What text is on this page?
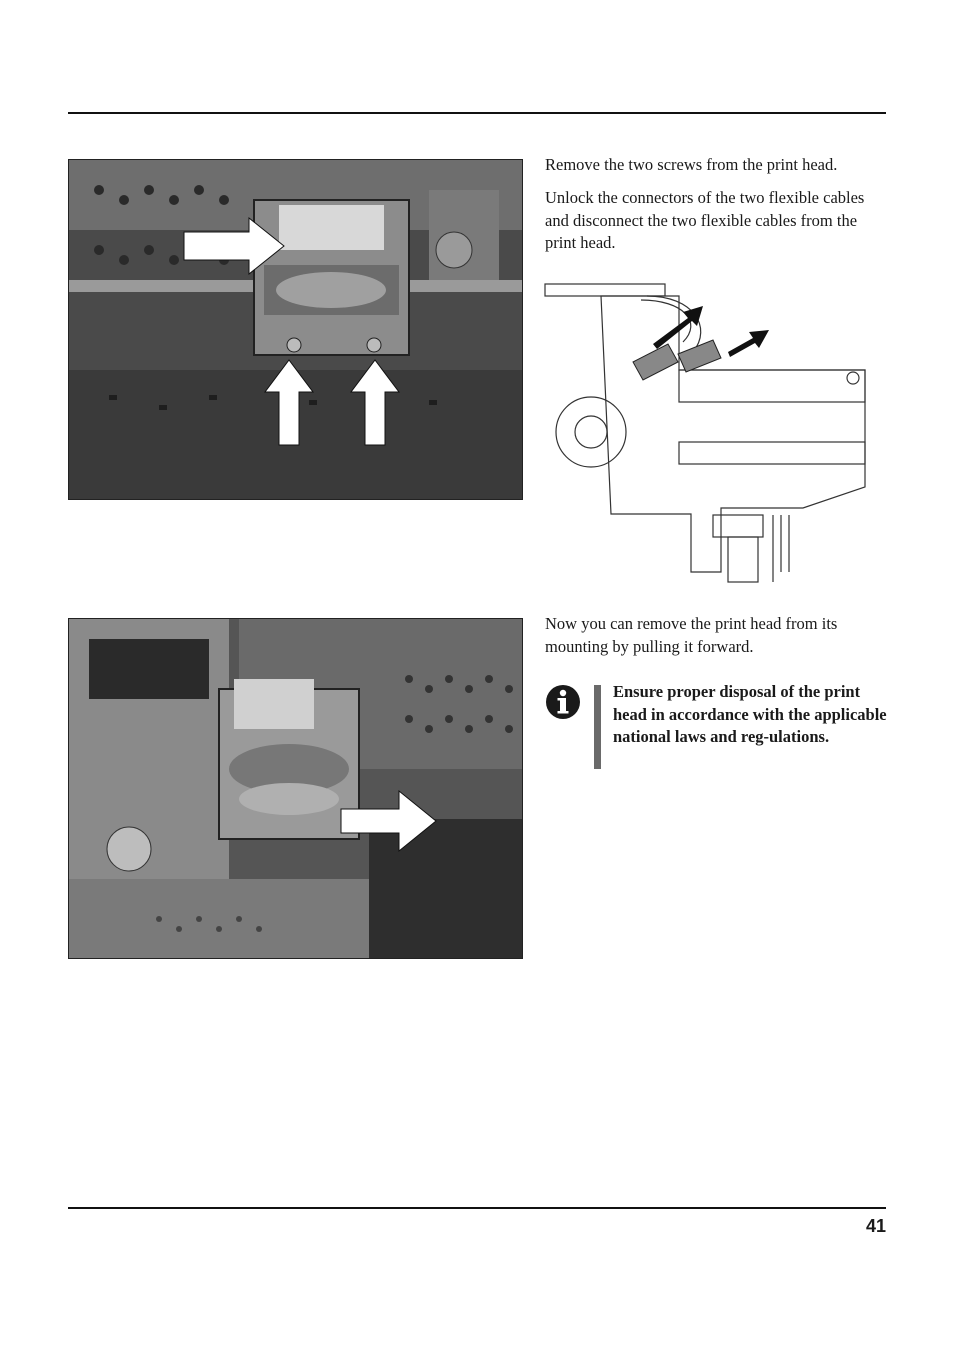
Remove the two screws from the print head.

Unlock the connectors of the two flexible cables and disconnect the two flexible cables from the print head.

Now you can remove the print head from its mounting by pulling it forward.

Ensure proper disposal of the print head in accordance with the applicable national laws and reg-ulations.

41
